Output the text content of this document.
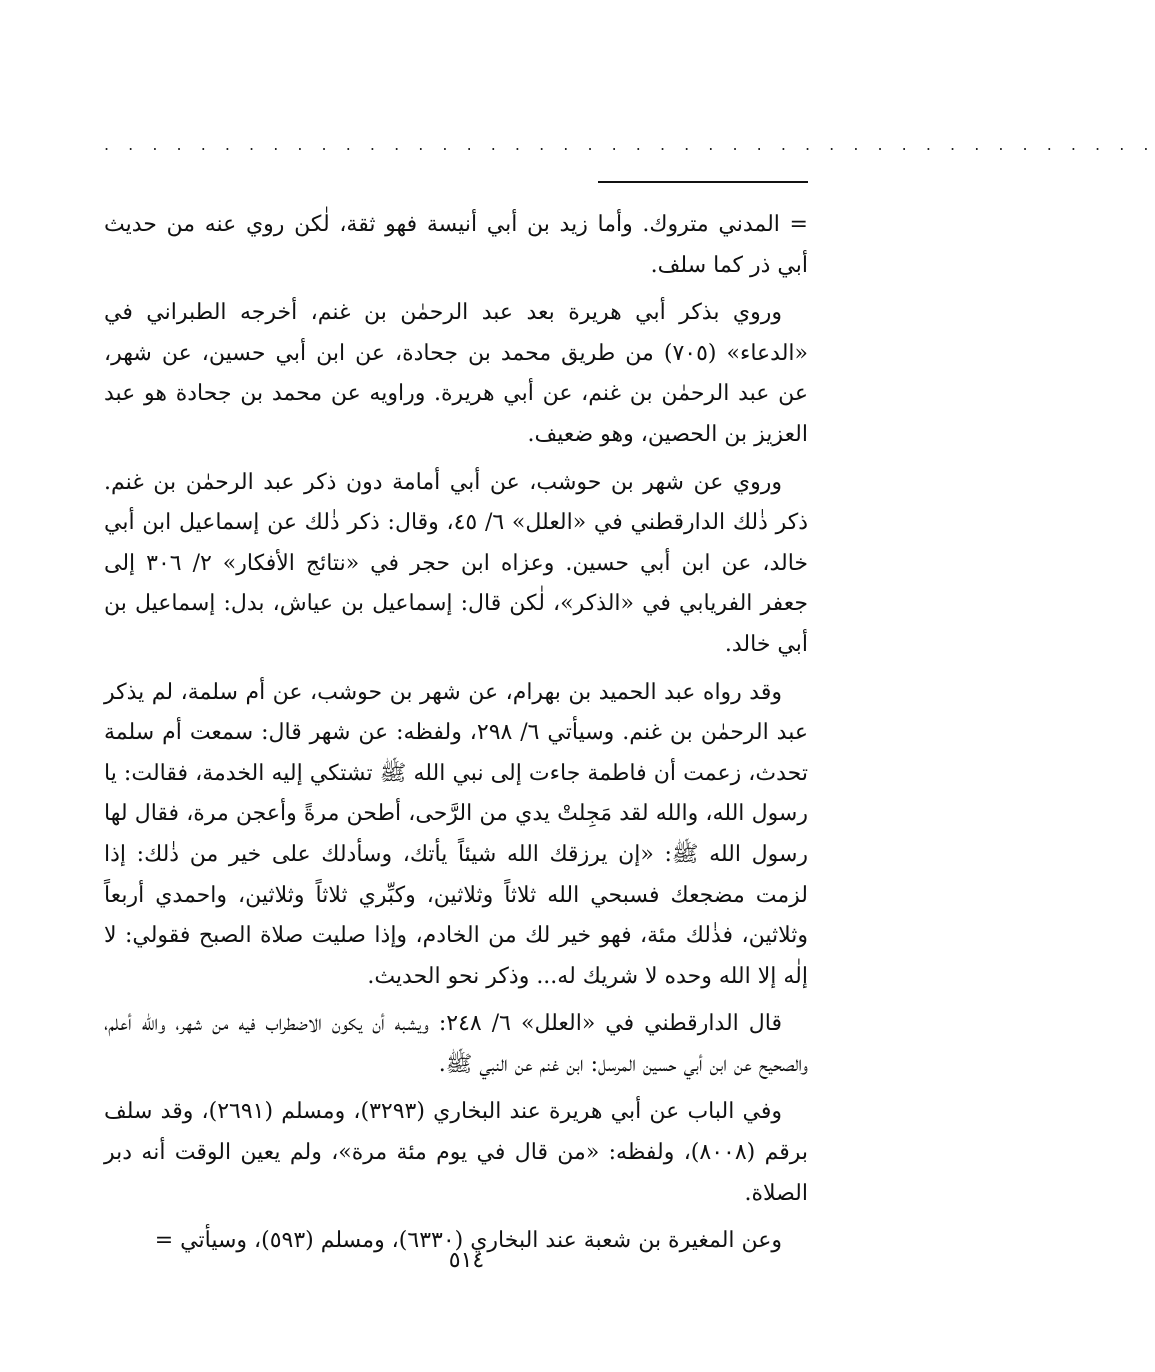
. . . . . . . . . . . . . . . . . . . . . . . . . . . . . . . . . . . . . . . . . . . .

= المدني متروك. وأما زيد بن أبي أنيسة فهو ثقة، لٰكن روي عنه من حديث أبي ذر كما سلف.

وروي بذكر أبي هريرة بعد عبد الرحمٰن بن غنم، أخرجه الطبراني في «الدعاء» (٧٠٥) من طريق محمد بن جحادة، عن ابن أبي حسين، عن شهر، عن عبد الرحمٰن بن غنم، عن أبي هريرة. وراويه عن محمد بن جحادة هو عبد العزيز بن الحصين، وهو ضعيف.

وروي عن شهر بن حوشب، عن أبي أمامة دون ذكر عبد الرحمٰن بن غنم. ذكر ذٰلك الدارقطني في «العلل» ٦/ ٤٥، وقال: ذكر ذٰلك عن إسماعيل ابن أبي خالد، عن ابن أبي حسين. وعزاه ابن حجر في «نتائج الأفكار» ٢/ ٣٠٦ إلى جعفر الفريابي في «الذكر»، لٰكن قال: إسماعيل بن عياش، بدل: إسماعيل بن أبي خالد.

وقد رواه عبد الحميد بن بهرام، عن شهر بن حوشب، عن أم سلمة، لم يذكر عبد الرحمٰن بن غنم. وسيأتي ٦/ ٢٩٨، ولفظه: عن شهر قال: سمعت أم سلمة تحدث، زعمت أن فاطمة جاءت إلى نبي الله ﷺ تشتكي إليه الخدمة، فقالت: يا رسول الله، والله لقد مَجِلتْ يدي من الرَّحى، أطحن مرةً وأعجن مرة، فقال لها رسول الله ﷺ: «إن يرزقك الله شيئاً يأتك، وسأدلك على خير من ذٰلك: إذا لزمت مضجعك فسبحي الله ثلاثاً وثلاثين، وكبِّري ثلاثاً وثلاثين، واحمدي أربعاً وثلاثين، فذٰلك مئة، فهو خير لك من الخادم، وإذا صليت صلاة الصبح فقولي: لا إلٰه إلا الله وحده لا شريك له... وذكر نحو الحديث.

قال الدارقطني في «العلل» ٦/ ٢٤٨: ويشبه أن يكون الاضطراب فيه من شهر، والله أعلم، والصحيح عن ابن أبي حسين المرسل: ابن غنم عن النبي ﷺ.

وفي الباب عن أبي هريرة عند البخاري (٣٢٩٣)، ومسلم (٢٦٩١)، وقد سلف برقم (٨٠٠٨)، ولفظه: «من قال في يوم مئة مرة»، ولم يعين الوقت أنه دبر الصلاة.

وعن المغيرة بن شعبة عند البخاري (٦٣٣٠)، ومسلم (٥٩٣)، وسيأتي =

٥١٤
